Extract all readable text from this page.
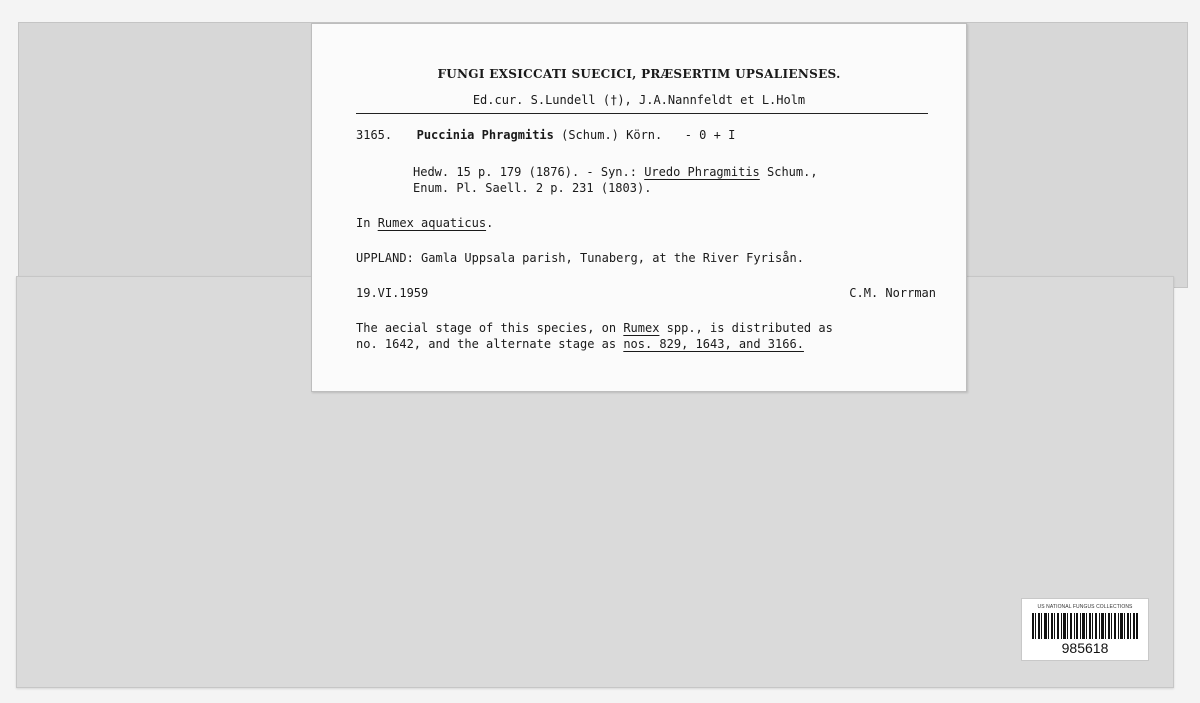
FUNGI EXSICCATI SUECICI, PRÆSERTIM UPSALIENSES.
Ed.cur. S.Lundell (†), J.A.Nannfeldt et L.Holm
3165. Puccinia Phragmitis (Schum.) Körn. - 0 + I
Hedw. 15 p. 179 (1876). - Syn.: Uredo Phragmitis Schum.,
Enum. Pl. Saell. 2 p. 231 (1803).
In Rumex aquaticus.
UPPLAND: Gamla Uppsala parish, Tunaberg, at the River Fyrisån.
19.VI.1959	C.M. Norrman
The aecial stage of this species, on Rumex spp., is distributed as
no. 1642, and the alternate stage as nos. 829, 1643, and 3166.
US NATIONAL FUNGUS COLLECTIONS
985618
